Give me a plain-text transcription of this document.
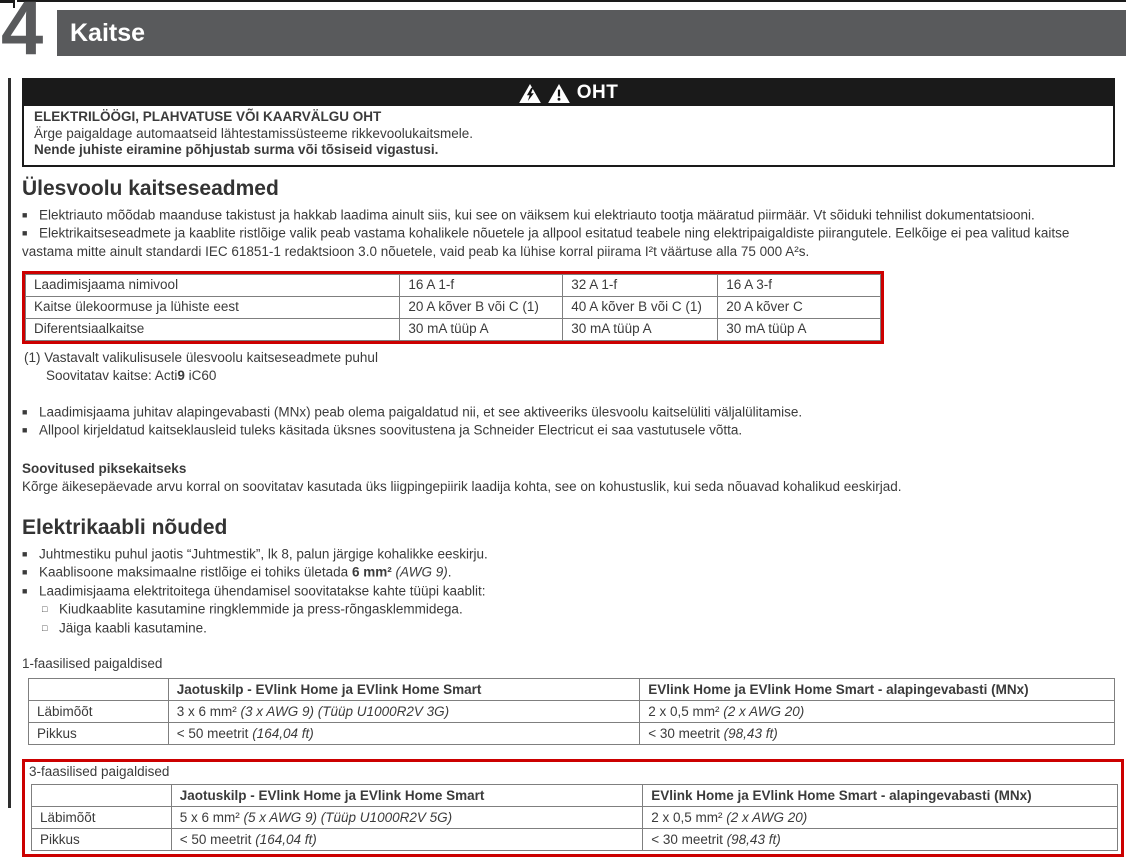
4	Kaitse
OHT
ELEKTRILÖÖGI, PLAHVATUSE VÕI KAARVÄLGU OHT
Ärge paigaldage automaatseid lähtestamissüsteeme rikkevoolukaitsmele.
Nende juhiste eiramine põhjustab surma või tõsiseid vigastusi.
Ülesvoolu kaitseseadmed

■ Elektriauto mõõdab maanduse takistust ja hakkab laadima ainult siis, kui see on väiksem kui elektriauto tootja määratud piirmäär. Vt sõiduki tehnilist dokumentatsiooni.

■ Elektrikaitseseadmete ja kaablite ristlõige valik peab vastama kohalikele nõuetele ja allpool esitatud teabele ning elektripaigaldiste piirangutele. Eelkõige ei pea valitud kaitse vastama mitte ainult standardi IEC 61851-1 redaktsioon 3.0 nõuetele, vaid peab ka lühise korral piirama I²t väärtuse alla 75 000 A²s.

Laadimisjaama nimivool	16 A 1-f	32 A 1-f	16 A 3-f
Kaitse ülekoormuse ja lühiste eest	20 A kõver B või C (1)	40 A kõver B või C (1)	20 A kõver C
Diferentsiaalkaitse	30 mA tüüp A	30 mA tüüp A	30 mA tüüp A
(1) Vastavalt valikulisusele ülesvoolu kaitseseadmete puhul
Soovitatav kaitse: Acti9 iC60

■ Laadimisjaama juhitav alapingevabasti (MNx) peab olema paigaldatud nii, et see aktiveeriks ülesvoolu kaitselüliti väljalülitamise.

■ Allpool kirjeldatud kaitseklausleid tuleks käsitada üksnes soovitustena ja Schneider Electricut ei saa vastutusele võtta.

Soovitused piksekaitseks

Kõrge äikesepäevade arvu korral on soovitatav kasutada üks liigpingepiirik laadija kohta, see on kohustuslik, kui seda nõuavad kohalikud eeskirjad.

Elektrikaabli nõuded

■ Juhtmestiku puhul jaotis “Juhtmestik”, lk 8, palun järgige kohalikke eeskirju.

■ Kaablisoone maksimaalne ristlõige ei tohiks ületada 6 mm² (AWG 9).

■ Laadimisjaama elektritoitega ühendamisel soovitatakse kahte tüüpi kaablit:

□ Kiudkaablite kasutamine ringklemmide ja press-rõngasklemmidega.

□ Jäiga kaabli kasutamine.

1-faasilised paigaldised

	Jaotuskilp - EVlink Home ja EVlink Home Smart	EVlink Home ja EVlink Home Smart - alapingevabasti (MNx)
Läbimõõt	3 x 6 mm² (3 x AWG 9) (Tüüp U1000R2V 3G)	2 x 0,5 mm² (2 x AWG 20)
Pikkus	< 50 meetrit (164,04 ft)	< 30 meetrit (98,43 ft)

3-faasilised paigaldised

	Jaotuskilp - EVlink Home ja EVlink Home Smart	EVlink Home ja EVlink Home Smart - alapingevabasti (MNx)
Läbimõõt	5 x 6 mm² (5 x AWG 9) (Tüüp U1000R2V 5G)	2 x 0,5 mm² (2 x AWG 20)
Pikkus	< 50 meetrit (164,04 ft)	< 30 meetrit (98,43 ft)
